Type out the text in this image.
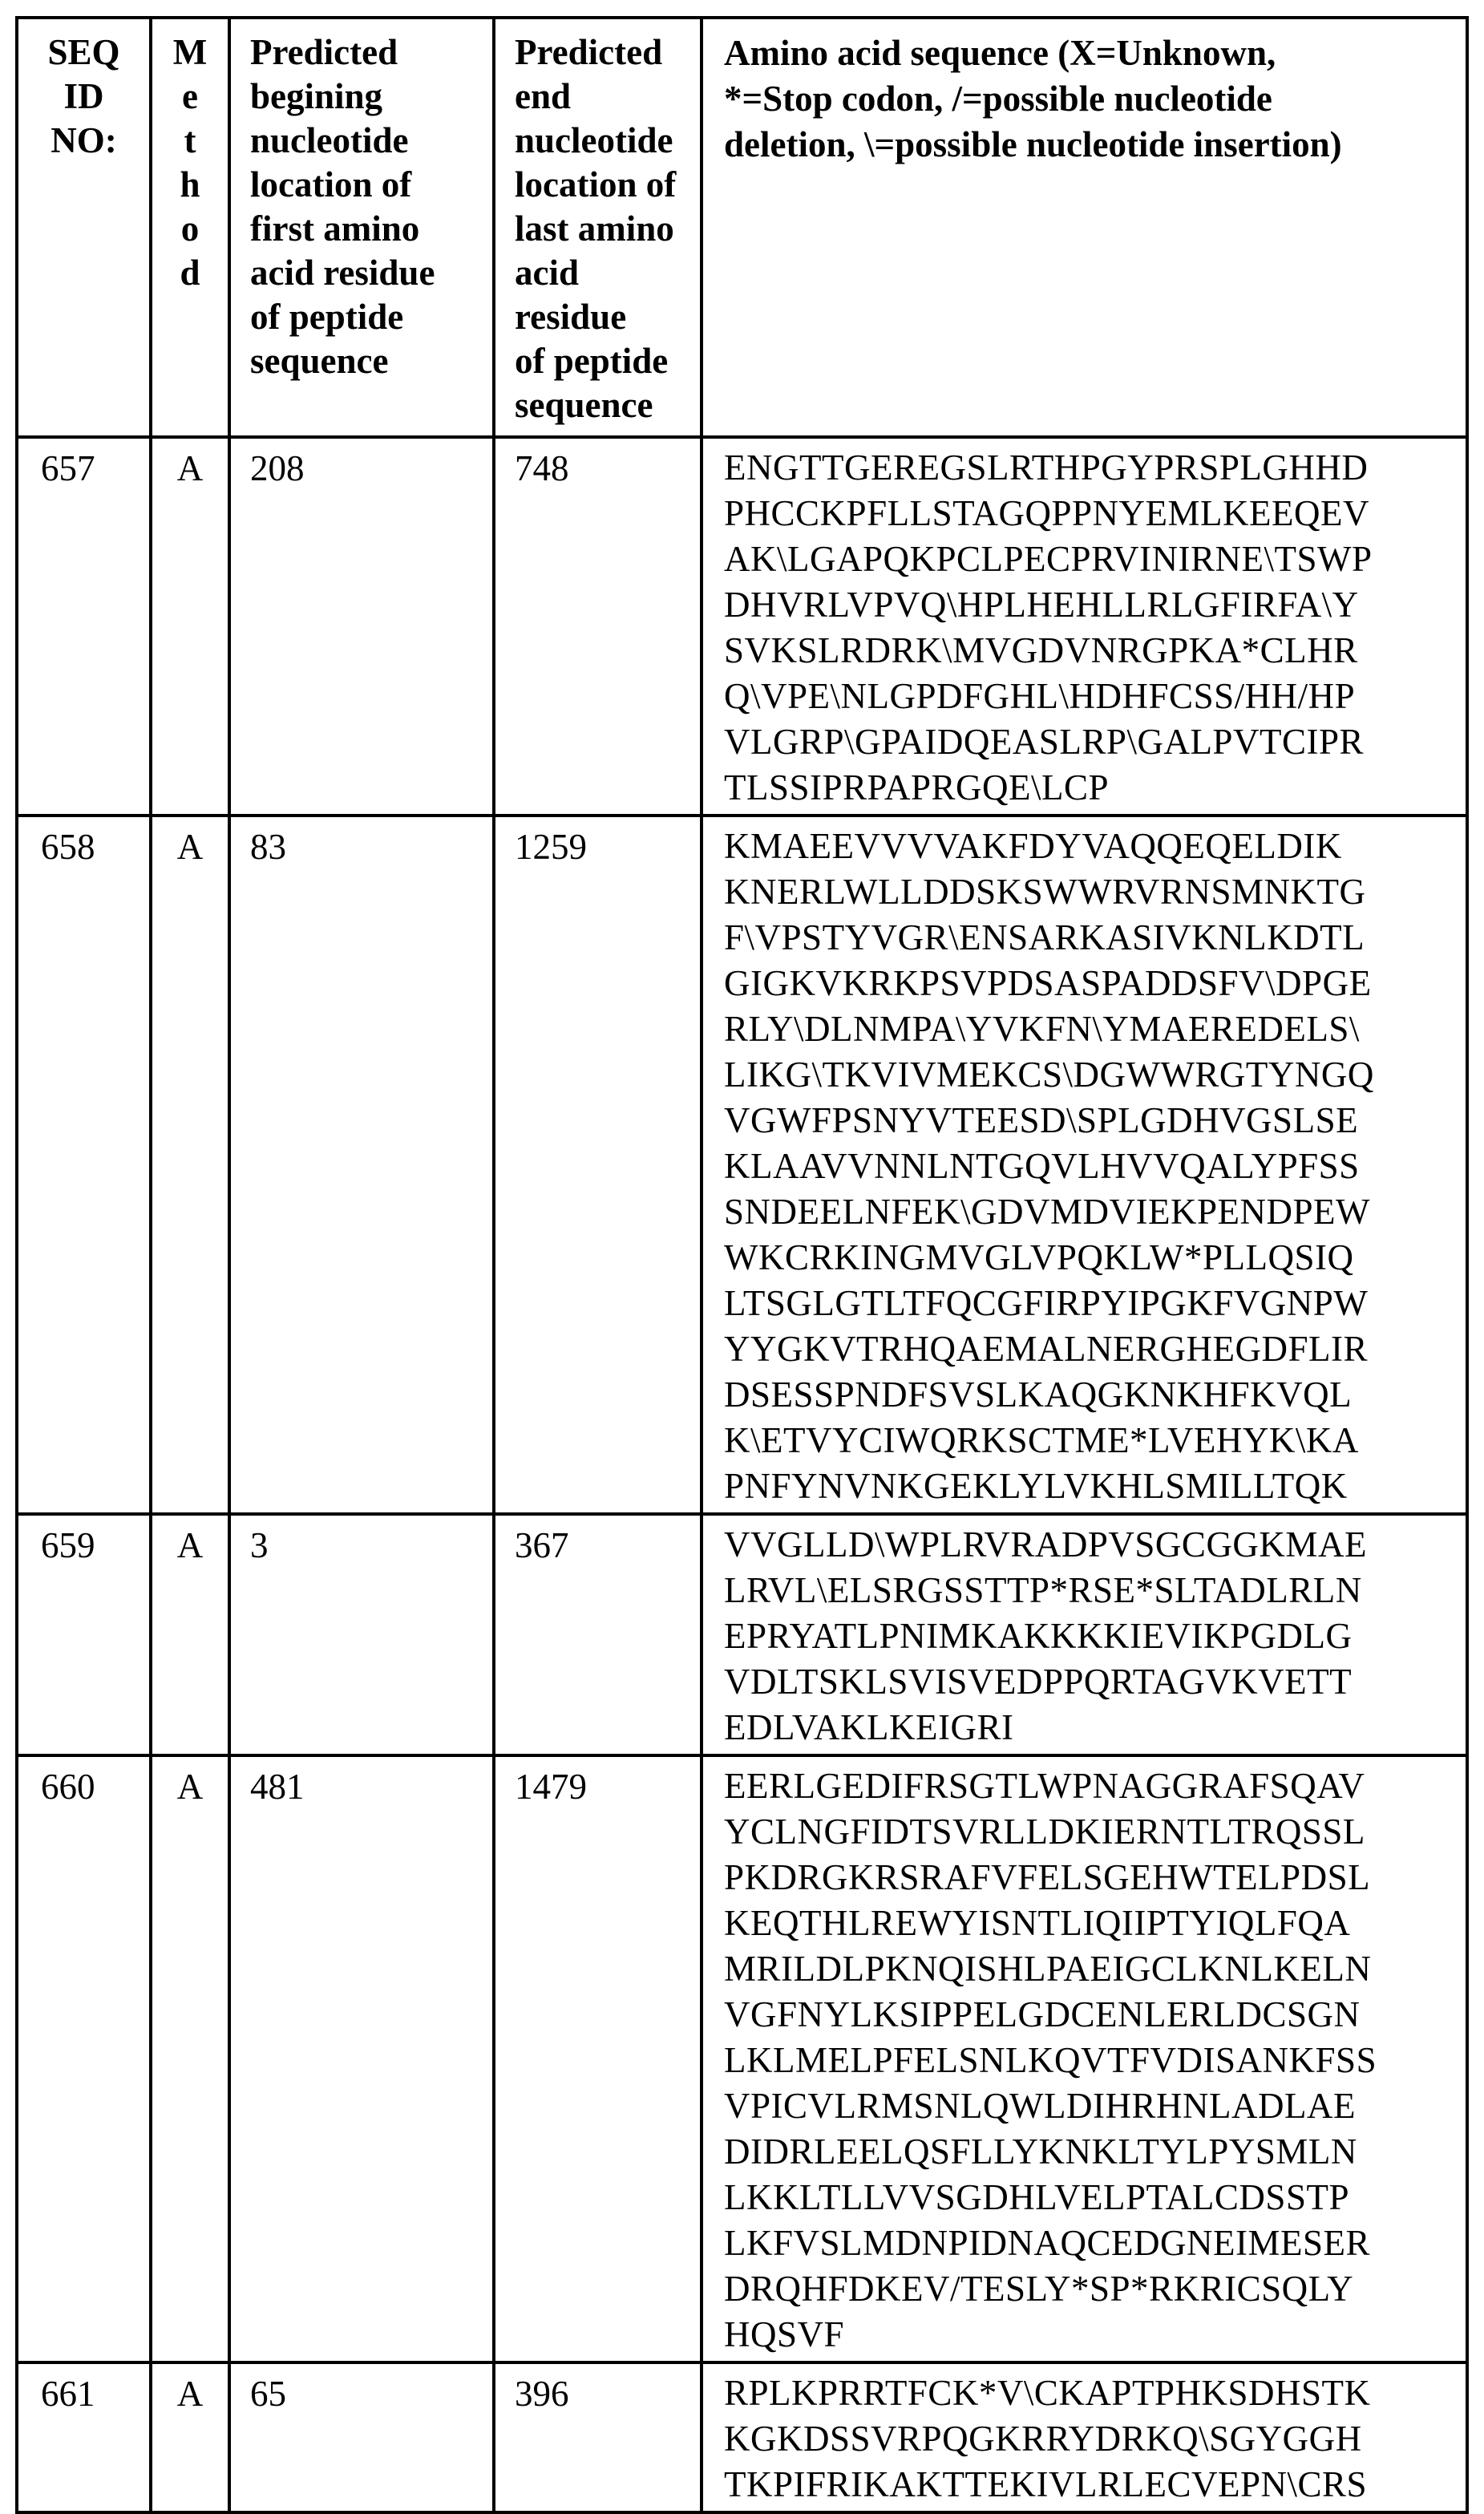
SEQ
ID
NO:	M
e
t
h
o
d	Predicted
begining
nucleotide
location of
first amino
acid residue
of peptide
sequence	Predicted
end
nucleotide
location of
last amino
acid residue
of peptide
sequence	Amino acid sequence (X=Unknown,
*=Stop codon, /=possible nucleotide
deletion, \=possible nucleotide insertion)
657	A	208	748	ENGTTGEREGSLRTHPGYPRSPLGHHD
PHCCKPFLLSTAGQPPNYEMLKEEQEV
AK\LGAPQKPCLPECPRVINIRNE\TSWP
DHVRLVPVQ\HPLHEHLLRLGFIRFA\Y
SVKSLRDRK\MVGDVNRGPKA*CLHR
Q\VPE\NLGPDFGHL\HDHFCSS/HH/HP
VLGRP\GPAIDQEASLRP\GALPVTCIPR
TLSSIPRPAPRGQE\LCP
658	A	83	1259	KMAEEVVVVAKFDYVAQQEQELDIK
KNERLWLLDDSKSWWRVRNSMNKTG
F\VPSTYVGR\ENSARKASIVKNLKDTL
GIGKVKRKPSVPDSASPADDSFV\DPGE
RLY\DLNMPA\YVKFN\YMAEREDELS\
LIKG\TKVIVMEKCS\DGWWRGTYNGQ
VGWFPSNYVTEESD\SPLGDHVGSLSE
KLAAVVNNLNTGQVLHVVQALYPFSS
SNDEELNFEK\GDVMDVIEKPENDPEW
WKCRKINGMVGLVPQKLW*PLLQSIQ
LTSGLGTLTFQCGFIRPYIPGKFVGNPW
YYGKVTRHQAEMALNERGHEGDFLIR
DSESSPNDFSVSLKAQGKNKHFKVQL
K\ETVYCIWQRKSCTME*LVEHYK\KA
PNFYNVNKGEKLYLVKHLSMILLTQK
659	A	3	367	VVGLLD\WPLRVRADPVSGCGGKMAE
LRVL\ELSRGSSTTP*RSE*SLTADLRLN
EPRYATLPNIMKAKKKKIEVIKPGDLG
VDLTSKLSVISVEDPPQRTAGVKVETT
EDLVAKLKEIGRI
660	A	481	1479	EERLGEDIFRSGTLWPNAGGRAFSQAV
YCLNGFIDTSVRLLDKIERNTLTRQSSL
PKDRGKRSRAFVFELSGEHWTELPDSL
KEQTHLREWYISNTLIQIIPTYIQLFQA
MRILDLPKNQISHLPAEIGCLKNLKELN
VGFNYLKSIPPELGDCENLERLDCSGN
LKLMELPFELSNLKQVTFVDISANKFSS
VPICVLRMSNLQWLDIHRHNLADLAE
DIDRLEELQSFLLYKNKLTYLPYSMLN
LKKLTLLVVSGDHLVELPTALCDSSTP
LKFVSLMDNPIDNAQCEDGNEIMESER
DRQHFDKEV/TESLY*SP*RKRICSQLY
HQSVF
661	A	65	396	RPLKPRRTFCK*V\CKAPTPHKSDHSTK
KGKDSSVRPQGKRRYDRKQ\SGYGGH
TKPIFRIKAKTTEKIVLRLECVEPN\CRS
